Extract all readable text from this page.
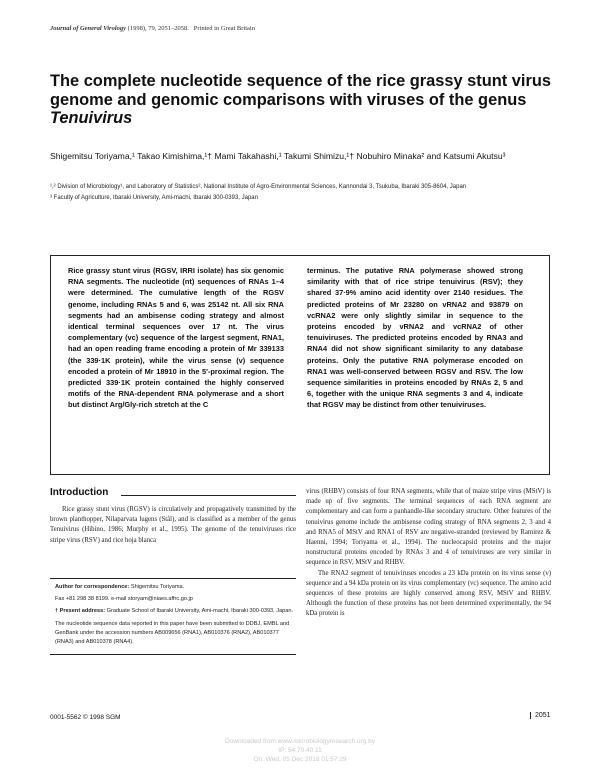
Journal of General Virology (1998), 79, 2051–2058. Printed in Great Britain
The complete nucleotide sequence of the rice grassy stunt virus genome and genomic comparisons with viruses of the genus Tenuivirus
Shigemitsu Toriyama,¹ Takao Kimishima,¹† Mami Takahashi,¹ Takumi Shimizu,¹† Nobuhiro Minaka² and Katsumi Akutsu³
¹,² Division of Microbiology¹, and Laboratory of Statistics², National Institute of Agro-Environmental Sciences, Kannondai 3, Tsukuba, Ibaraki 305-8604, Japan
³ Faculty of Agriculture, Ibaraki University, Ami-machi, Ibaraki 300-0393, Japan
Rice grassy stunt virus (RGSV, IRRI isolate) has six genomic RNA segments. The nucleotide (nt) sequences of RNAs 1–4 were determined. The cumulative length of the RGSV genome, including RNAs 5 and 6, was 25142 nt. All six RNA segments had an ambisense coding strategy and almost identical terminal sequences over 17 nt. The virus complementary (vc) sequence of the largest segment, RNA1, had an open reading frame encoding a protein of Mr 339133 (the 339·1K protein), while the virus sense (v) sequence encoded a protein of Mr 18910 in the 5′-proximal region. The predicted 339·1K protein contained the highly conserved motifs of the RNA-dependent RNA polymerase and a short but distinct Arg/Gly-rich stretch at the C
terminus. The putative RNA polymerase showed strong similarity with that of rice stripe tenuivirus (RSV); they shared 37·9% amino acid identity over 2140 residues. The predicted proteins of Mr 23280 on vRNA2 and 93879 on vcRNA2 were only slightly similar in sequence to the proteins encoded by vRNA2 and vcRNA2 of other tenuiviruses. The predicted proteins encoded by RNA3 and RNA4 did not show significant similarity to any database proteins. Only the putative RNA polymerase encoded on RNA1 was well-conserved between RGSV and RSV. The low sequence similarities in proteins encoded by RNAs 2, 5 and 6, together with the unique RNA segments 3 and 4, indicate that RGSV may be distinct from other tenuiviruses.
Introduction
Rice grassy stunt virus (RGSV) is circulatively and propagatively transmitted by the brown planthopper, Nilaparvata lugens (Stål), and is classified as a member of the genus Tenuivirus (Hibino, 1986; Murphy et al., 1995). The genome of the tenuiviruses rice stripe virus (RSV) and rice hoja blanca

Author for correspondence: Shigemitsu Toriyama.

Fax +81 298 38 8199. e-mail storyam@niaes.affrc.go.jp

† Present address: Graduate School of Ibaraki University, Ami-machi, Ibaraki 300-0393, Japan.

The nucleotide sequence data reported in this paper have been submitted to DDBJ, EMBL and GenBank under the accession numbers AB009656 (RNA1), AB010376 (RNA2), AB010377 (RNA3) and AB010378 (RNA4).

virus (RHBV) consists of four RNA segments, while that of maize stripe virus (MStV) is made up of five segments. The terminal sequences of each RNA segment are complementary and can form a panhandle-like secondary structure. Other features of the tenuivirus genome include the ambisense coding strategy of RNA segments 2, 3 and 4 and RNA5 of MStV and RNA1 of RSV are negative-stranded (reviewed by Ramirez & Haenni, 1994; Toriyama et al., 1994). The nucleocapsid proteins and the major nonstructural proteins encoded by RNAs 3 and 4 of tenuiviruses are very similar in sequence in RSV, MStV and RHBV.

The RNA2 segment of tenuiviruses encodes a 23 kDa protein on its virus sense (v) sequence and a 94 kDa protein on its virus complementary (vc) sequence. The amino acid sequences of these proteins are highly conserved among RSV, MStV and RHBV. Although the function of these proteins has not been determined experimentally, the 94 kDa protein is

0001-5562 © 1998 SGM	2051
Downloaded from www.microbiologyresearch.org by
IP: 54.70.40.11
On: Wed, 05 Dec 2018 01:57:29
